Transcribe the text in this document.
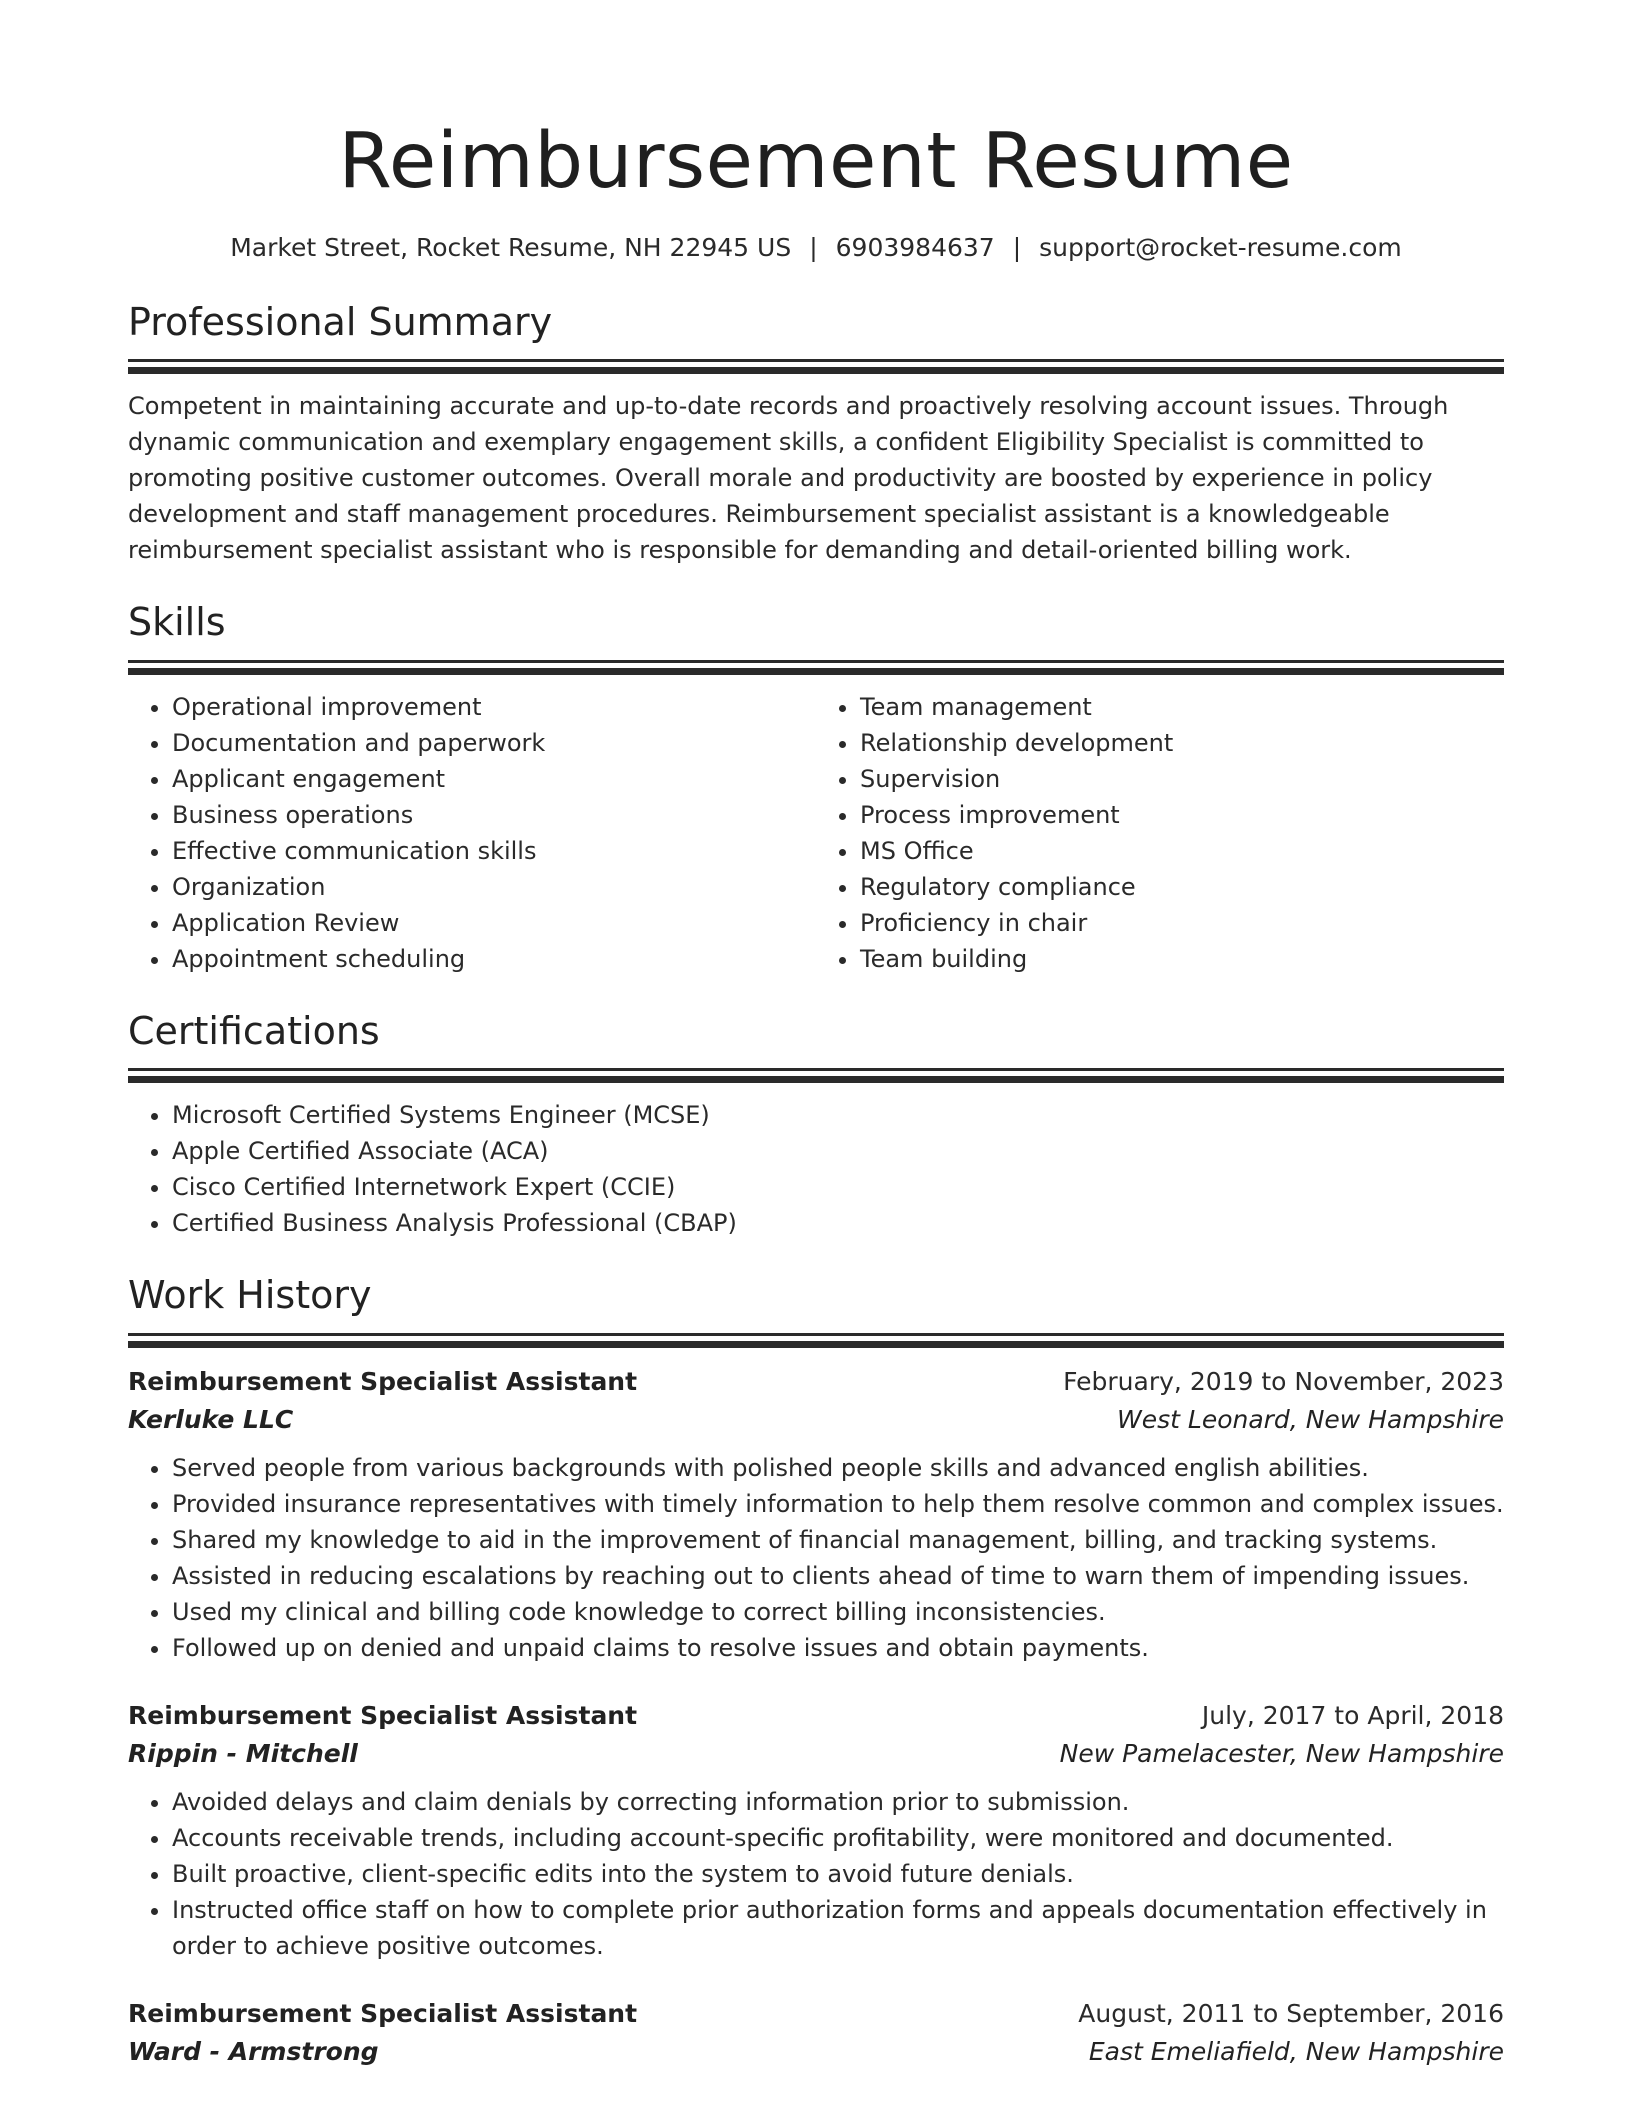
Reimbursement Resume
Market Street, Rocket Resume, NH 22945 US | 6903984637 | support@rocket-resume.com
Professional Summary
Competent in maintaining accurate and up-to-date records and proactively resolving account issues. Through dynamic communication and exemplary engagement skills, a confident Eligibility Specialist is committed to promoting positive customer outcomes. Overall morale and productivity are boosted by experience in policy development and staff management procedures. Reimbursement specialist assistant is a knowledgeable reimbursement specialist assistant who is responsible for demanding and detail-oriented billing work.
Skills
• Operational improvement
• Documentation and paperwork
• Applicant engagement
• Business operations
• Effective communication skills
• Organization
• Application Review
• Appointment scheduling
• Team management
• Relationship development
• Supervision
• Process improvement
• MS Office
• Regulatory compliance
• Proficiency in chair
• Team building
Certifications
• Microsoft Certified Systems Engineer (MCSE)
• Apple Certified Associate (ACA)
• Cisco Certified Internetwork Expert (CCIE)
• Certified Business Analysis Professional (CBAP)
Work History
Reimbursement Specialist Assistant	February, 2019 to November, 2023
Kerluke LLC	West Leonard, New Hampshire
• Served people from various backgrounds with polished people skills and advanced english abilities.
• Provided insurance representatives with timely information to help them resolve common and complex issues.
• Shared my knowledge to aid in the improvement of financial management, billing, and tracking systems.
• Assisted in reducing escalations by reaching out to clients ahead of time to warn them of impending issues.
• Used my clinical and billing code knowledge to correct billing inconsistencies.
• Followed up on denied and unpaid claims to resolve issues and obtain payments.
Reimbursement Specialist Assistant	July, 2017 to April, 2018
Rippin - Mitchell	New Pamelacester, New Hampshire
• Avoided delays and claim denials by correcting information prior to submission.
• Accounts receivable trends, including account-specific profitability, were monitored and documented.
• Built proactive, client-specific edits into the system to avoid future denials.
• Instructed office staff on how to complete prior authorization forms and appeals documentation effectively in order to achieve positive outcomes.
Reimbursement Specialist Assistant	August, 2011 to September, 2016
Ward - Armstrong	East Emeliafield, New Hampshire
